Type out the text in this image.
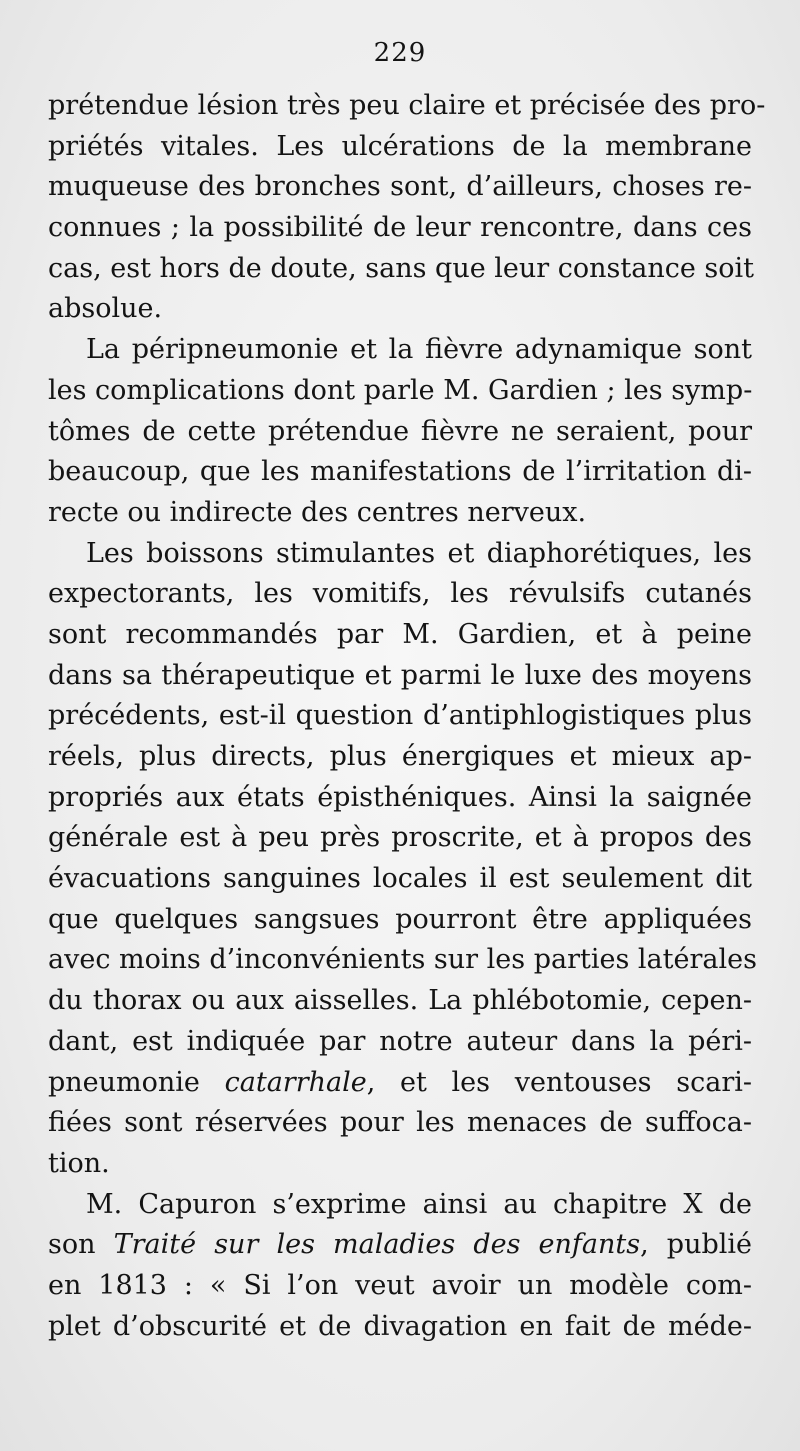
229

prétendue lésion très peu claire et précisée des pro-
priétés vitales. Les ulcérations de la membrane
muqueuse des bronches sont, d’ailleurs, choses re-
connues ; la possibilité de leur rencontre, dans ces
cas, est hors de doute, sans que leur constance soit
absolue.

La péripneumonie et la fièvre adynamique sont
les complications dont parle M. Gardien ; les symp-
tômes de cette prétendue fièvre ne seraient, pour
beaucoup, que les manifestations de l’irritation di-
recte ou indirecte des centres nerveux.

Les boissons stimulantes et diaphorétiques, les
expectorants, les vomitifs, les révulsifs cutanés
sont recommandés par M. Gardien, et à peine
dans sa thérapeutique et parmi le luxe des moyens
précédents, est-il question d’antiphlogistiques plus
réels, plus directs, plus énergiques et mieux ap-
propriés aux états épisthéniques. Ainsi la saignée
générale est à peu près proscrite, et à propos des
évacuations sanguines locales il est seulement dit
que quelques sangsues pourront être appliquées
avec moins d’inconvénients sur les parties latérales
du thorax ou aux aisselles. La phlébotomie, cepen-
dant, est indiquée par notre auteur dans la péri-
pneumonie catarrhale, et les ventouses scari-
fiées sont réservées pour les menaces de suffoca-
tion.

M. Capuron s’exprime ainsi au chapitre X de
son Traité sur les maladies des enfants, publié
en 1813 : « Si l’on veut avoir un modèle com-
plet d’obscurité et de divagation en fait de méde-
